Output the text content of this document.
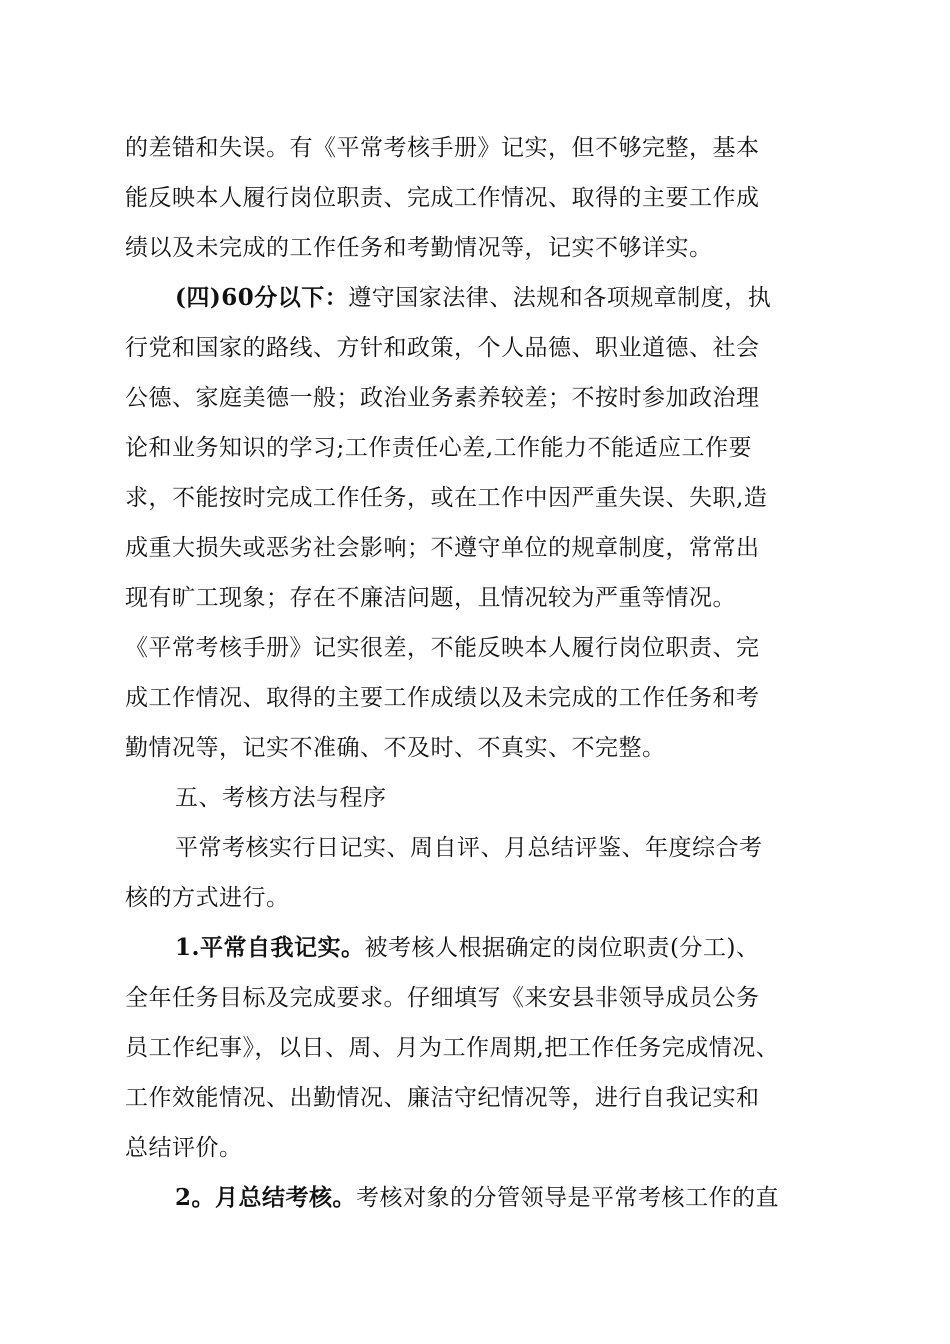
的差错和失误。有《平常考核手册》记实，但不够完整，基本
能反映本人履行岗位职责、完成工作情况、取得的主要工作成
绩以及未完成的工作任务和考勤情况等，记实不够详实。
(四)60分以下：遵守国家法律、法规和各项规章制度，执
行党和国家的路线、方针和政策，个人品德、职业道德、社会
公德、家庭美德一般；政治业务素养较差；不按时参加政治理
论和业务知识的学习;工作责任心差,工作能力不能适应工作要
求，不能按时完成工作任务，或在工作中因严重失误、失职,造
成重大损失或恶劣社会影响；不遵守单位的规章制度，常常出
现有旷工现象；存在不廉洁问题，且情况较为严重等情况。
《平常考核手册》记实很差，不能反映本人履行岗位职责、完
成工作情况、取得的主要工作成绩以及未完成的工作任务和考
勤情况等，记实不准确、不及时、不真实、不完整。
五、考核方法与程序
平常考核实行日记实、周自评、月总结评鉴、年度综合考
核的方式进行。
1.平常自我记实。被考核人根据确定的岗位职责(分工)、
全年任务目标及完成要求。仔细填写《来安县非领导成员公务
员工作纪事》，以日、周、月为工作周期,把工作任务完成情况、
工作效能情况、出勤情况、廉洁守纪情况等，进行自我记实和
总结评价。
2。月总结考核。考核对象的分管领导是平常考核工作的直
